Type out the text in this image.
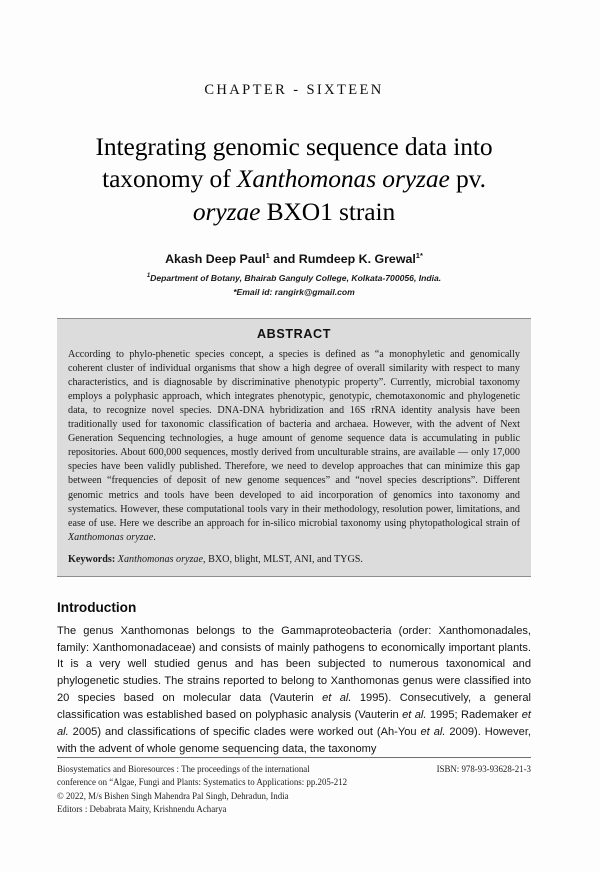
CHAPTER - SIXTEEN
Integrating genomic sequence data into
taxonomy of Xanthomonas oryzae pv.
oryzae BXO1 strain
Akash Deep Paul$^1$ and Rumdeep K. Grewal$^{1*}$
$^1$Department of Botany, Bhairab Ganguly College, Kolkata-700056, India.
*Email id: rangirk@gmail.com
ABSTRACT
According to phylo-phenetic species concept, a species is defined as “a monophyletic and genomically coherent cluster of individual organisms that show a high degree of overall similarity with respect to many characteristics, and is diagnosable by discriminative phenotypic property”. Currently, microbial taxonomy employs a polyphasic approach, which integrates phenotypic, genotypic, chemotaxonomic and phylogenetic data, to recognize novel species. DNA-DNA hybridization and 16S rRNA identity analysis have been traditionally used for taxonomic classification of bacteria and archaea. However, with the advent of Next Generation Sequencing technologies, a huge amount of genome sequence data is accumulating in public repositories. About 600,000 sequences, mostly derived from unculturable strains, are available — only 17,000 species have been validly published. Therefore, we need to develop approaches that can minimize this gap between “frequencies of deposit of new genome sequences” and “novel species descriptions”. Different genomic metrics and tools have been developed to aid incorporation of genomics into taxonomy and systematics. However, these computational tools vary in their methodology, resolution power, limitations, and ease of use. Here we describe an approach for in-silico microbial taxonomy using phytopathological strain of Xanthomonas oryzae.
Keywords: Xanthomonas oryzae, BXO, blight, MLST, ANI, and TYGS.
Introduction
The genus Xanthomonas belongs to the Gammaproteobacteria (order: Xanthomonadales, family: Xanthomonadaceae) and consists of mainly pathogens to economically important plants. It is a very well studied genus and has been subjected to numerous taxonomical and phylogenetic studies. The strains reported to belong to Xanthomonas genus were classified into 20 species based on molecular data (Vauterin et al. 1995). Consecutively, a general classification was established based on polyphasic analysis (Vauterin et al. 1995; Rademaker et al. 2005) and classifications of specific clades were worked out (Ah-You et al. 2009). However, with the advent of whole genome sequencing data, the taxonomy
ISBN: 978-93-93628-21-3
Biosystematics and Bioresources : The proceedings of the international
conference on “Algae, Fungi and Plants: Systematics to Applications: pp.205-212
© 2022, M/s Bishen Singh Mahendra Pal Singh, Dehradun, India
Editors : Debabrata Maity, Krishnendu Acharya
